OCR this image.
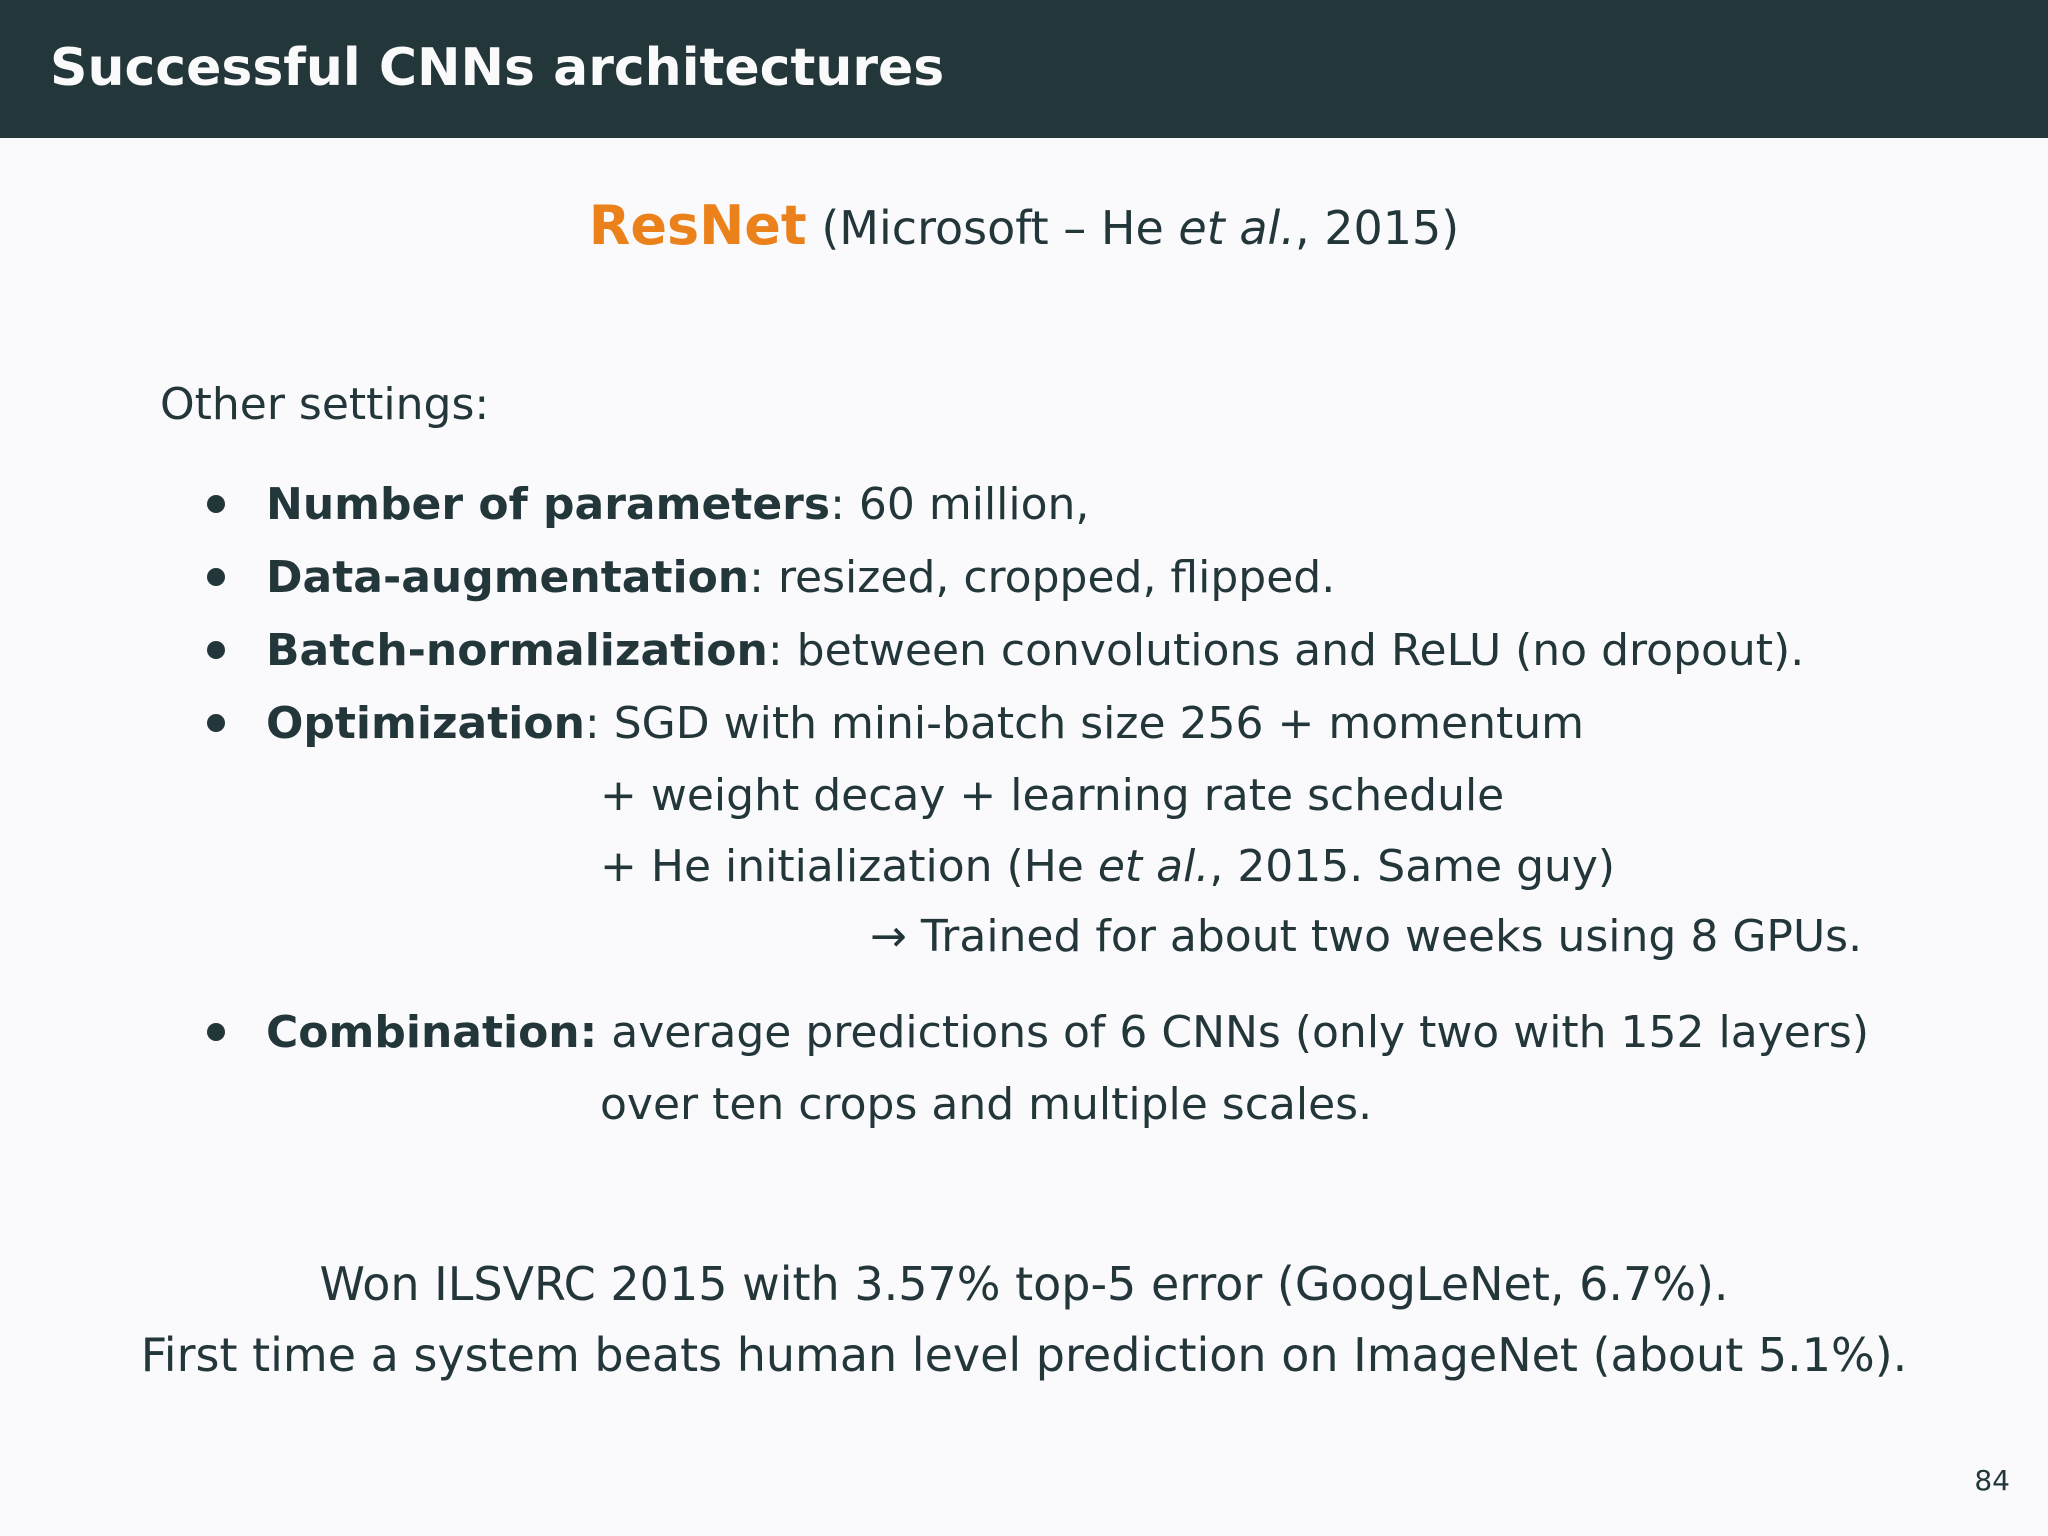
Successful CNNs architectures
ResNet (Microsoft – He et al., 2015)
Other settings:
Number of parameters: 60 million,
Data-augmentation: resized, cropped, flipped.
Batch-normalization: between convolutions and ReLU (no dropout).
Optimization: SGD with mini-batch size 256 + momentum
+ weight decay + learning rate schedule
+ He initialization (He et al., 2015. Same guy)
→ Trained for about two weeks using 8 GPUs.
Combination: average predictions of 6 CNNs (only two with 152 layers)
over ten crops and multiple scales.
Won ILSVRC 2015 with 3.57% top-5 error (GoogLeNet, 6.7%).
First time a system beats human level prediction on ImageNet (about 5.1%).
84
